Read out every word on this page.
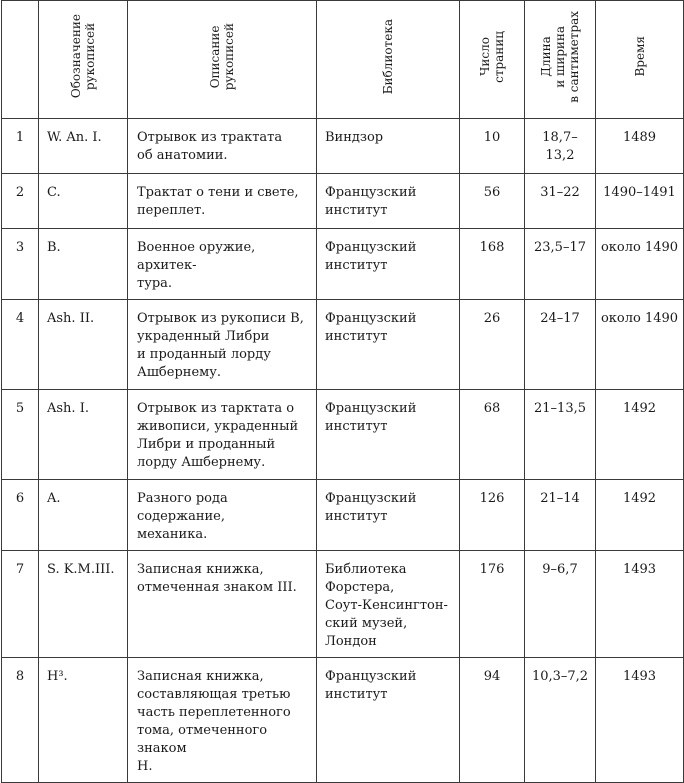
	Обозначение
рукописей	Описание
рукописей	Библиотека	Число
страниц	Длина
и ширина
в сантиметрах	Время

1	W. An. I.	Отрывок из трактата
об анатомии.	Виндзор	10	18,7–
13,2	1489

2	C.	Трактат о тени и свете,
переплет.	Французский
институт	56	31–22	1490–1491

3	B.	Военное оружие, архитек-
тура.	Французский
институт	168	23,5–17	около 1490

4	Ash. II.	Отрывок из рукописи B,
украденный Либри
и проданный лорду
Ашбернему.	Французский
институт	26	24–17	около 1490

5	Ash. I.	Отрывок из тарктата о
живописи, украденный
Либри и проданный
лорду Ашбернему.	Французский
институт	68	21–13,5	1492

6	A.	Разного рода содержание,
механика.	Французский
институт	126	21–14	1492

7	S. K.M.III.	Записная книжка,
отмеченная знаком III.	Библиотека
Форстера,
Соут-Кенсингтон-
ский музей, Лондон	176	9–6,7	1493

8	H³.	Записная книжка,
составляющая третью
часть переплетенного
тома, отмеченного знаком
H.	Французский
институт	94	10,3–7,2	1493
